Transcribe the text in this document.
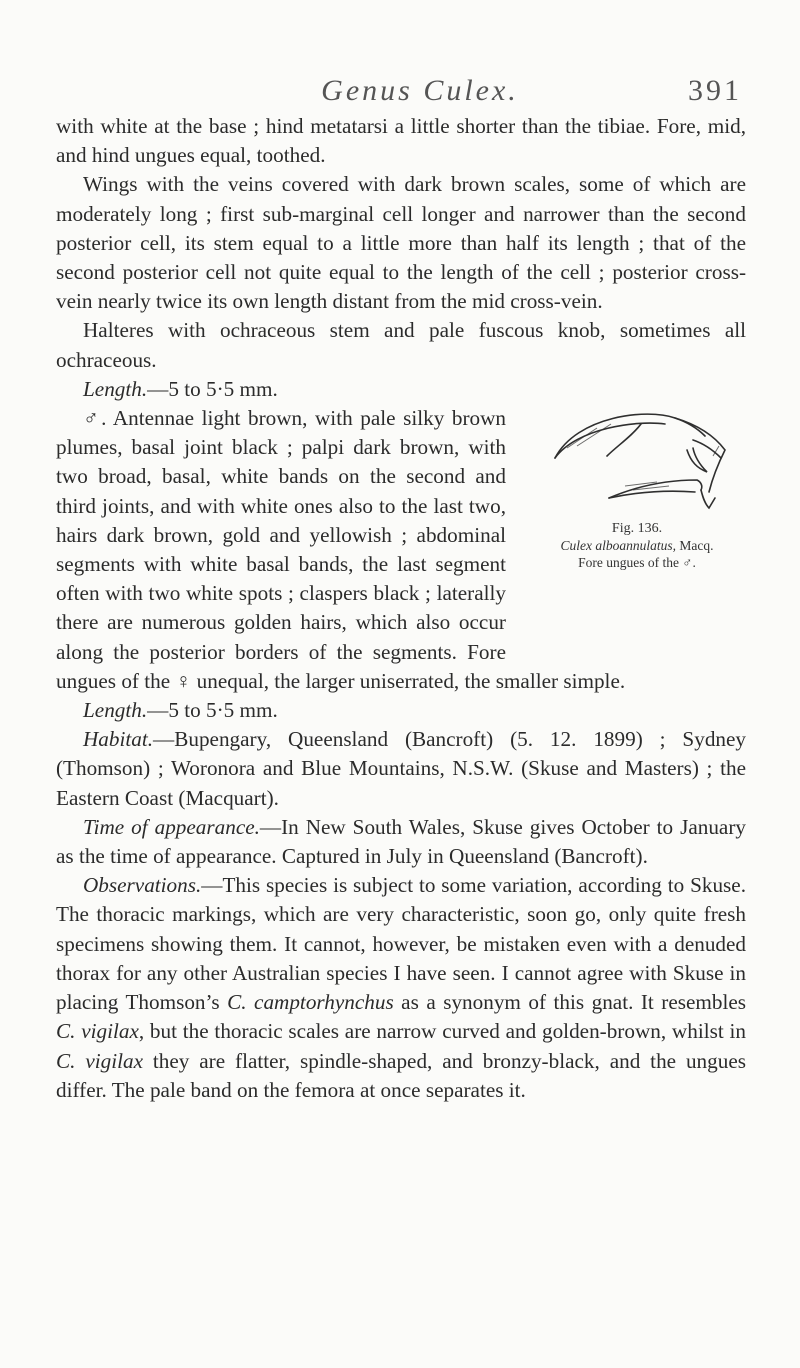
Genus Culex.	391

with white at the base ; hind metatarsi a little shorter than the tibiae. Fore, mid, and hind ungues equal, toothed.

Wings with the veins covered with dark brown scales, some of which are moderately long ; first sub-marginal cell longer and narrower than the second posterior cell, its stem equal to a little more than half its length ; that of the second posterior cell not quite equal to the length of the cell ; posterior cross-vein nearly twice its own length distant from the mid cross-vein.

Halteres with ochraceous stem and pale fuscous knob, sometimes all ochraceous.

Length.—5 to 5·5 mm.

Fig. 136.
Culex alboannulatus, Macq.
Fore ungues of the ♂.

♂. Antennae light brown, with pale silky brown plumes, basal joint black ; palpi dark brown, with two broad, basal, white bands on the second and third joints, and with white ones also to the last two, hairs dark brown, gold and yellowish ; abdominal segments with white basal bands, the last segment often with two white spots ; claspers black ; laterally there are numerous golden hairs, which also occur along the posterior borders of the segments. Fore ungues of the ♀ unequal, the larger uniserrated, the smaller simple.

Length.—5 to 5·5 mm.

Habitat.—Bupengary, Queensland (Bancroft) (5. 12. 1899) ; Sydney (Thomson) ; Woronora and Blue Mountains, N.S.W. (Skuse and Masters) ; the Eastern Coast (Macquart).

Time of appearance.—In New South Wales, Skuse gives October to January as the time of appearance. Captured in July in Queensland (Bancroft).

Observations.—This species is subject to some variation, according to Skuse. The thoracic markings, which are very characteristic, soon go, only quite fresh specimens showing them. It cannot, however, be mistaken even with a denuded thorax for any other Australian species I have seen. I cannot agree with Skuse in placing Thomson’s C. camptorhynchus as a synonym of this gnat. It resembles C. vigilax, but the thoracic scales are narrow curved and golden-brown, whilst in C. vigilax they are flatter, spindle-shaped, and bronzy-black, and the ungues differ. The pale band on the femora at once separates it.
